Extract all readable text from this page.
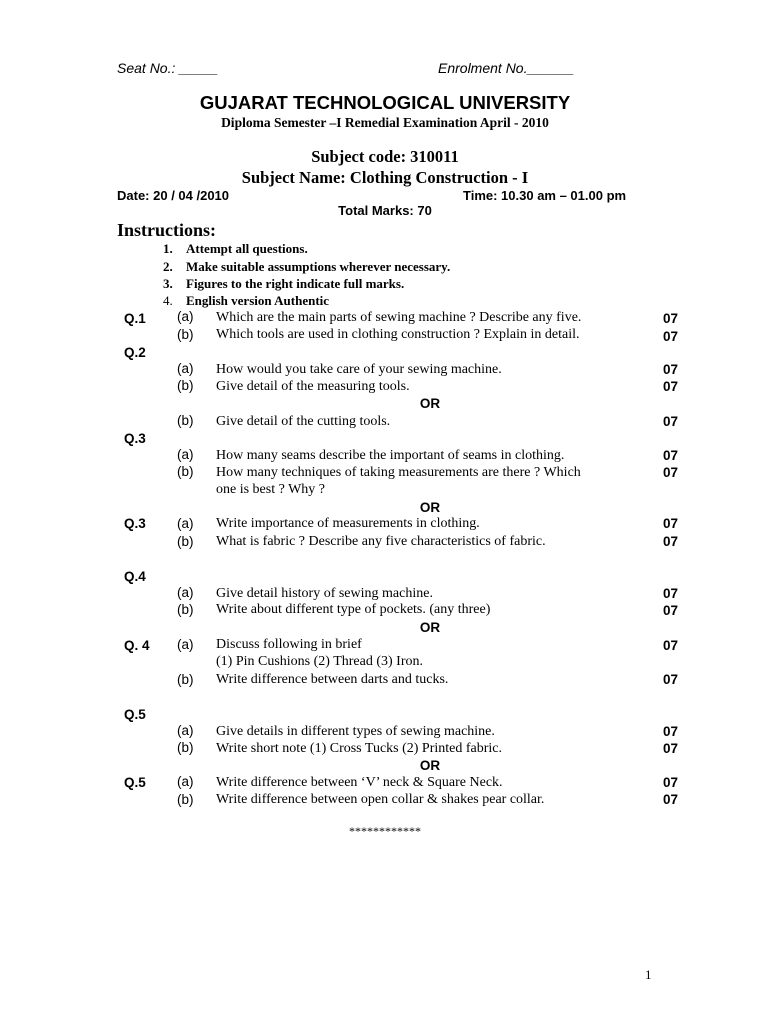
Seat No.: _____	Enrolment No.______
GUJARAT TECHNOLOGICAL UNIVERSITY
Diploma Semester –I Remedial Examination April - 2010
Subject code: 310011
Subject Name: Clothing Construction - I
Date: 20 / 04 /2010	Time: 10.30 am – 01.00 pm
Total Marks: 70
Instructions:
1. Attempt all questions.
2. Make suitable assumptions wherever necessary.
3. Figures to the right indicate full marks.
4. English version Authentic
Q.1 (a) Which are the main parts of sewing machine ? Describe any five.	07
(b) Which tools are used in clothing construction ? Explain in detail.	07
Q.2
(a) How would you take care of your sewing machine.	07
(b) Give detail of the measuring tools.	07
OR
(b) Give detail of the cutting tools.	07
Q.3
(a) How many seams describe the important of seams in clothing.	07
(b) How many techniques of taking measurements are there ? Which
one is best ? Why ?
07
OR
Q.3 (a) Write importance of measurements in clothing.	07
(b) What is fabric ? Describe any five characteristics of fabric.	07
Q.4
(a) Give detail history of sewing machine.	07
(b) Write about different type of pockets. (any three)	07
OR
Q. 4 (a) Discuss following in brief
(1) Pin Cushions (2) Thread (3) Iron.
07
(b) Write difference between darts and tucks.	07
Q.5
(a) Give details in different types of sewing machine.	07
(b) Write short note (1) Cross Tucks (2) Printed fabric.	07
OR
Q.5 (a) Write difference between ‘V’ neck & Square Neck.	07
(b) Write difference between open collar & shakes pear collar.	07
************
1
